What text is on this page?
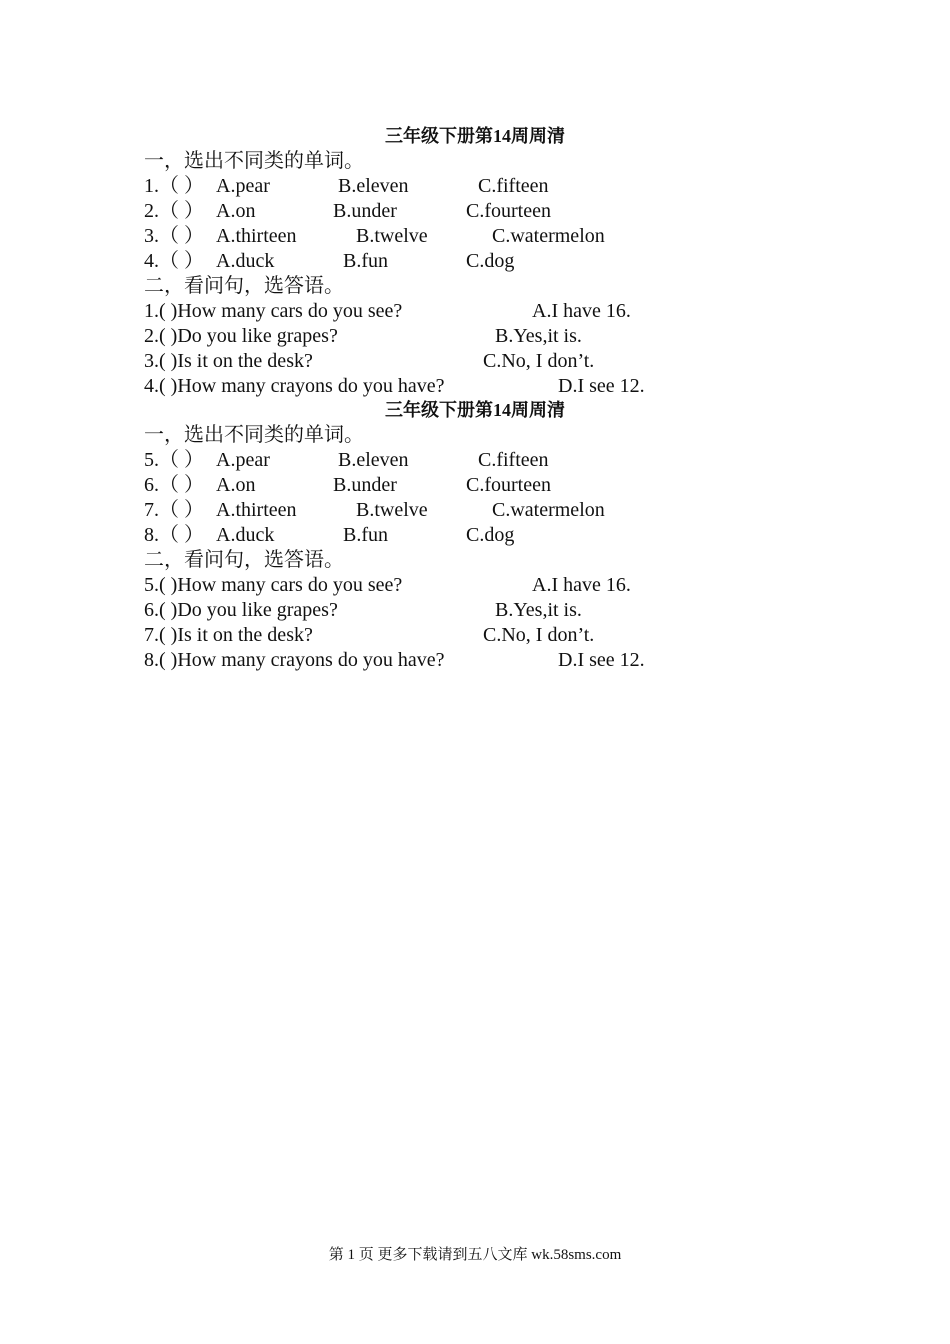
三年级下册第14周周清
一，选出不同类的单词。
1.（ ） A.pear	B.eleven	C.fifteen
2.（ ） A.on	B.under	C.fourteen
3.（ ） A.thirteen	B.twelve	C.watermelon
4.（ ） A.duck	B.fun	C.dog
二，看问句，选答语。
1.( )How many cars do you see?	A.I have 16.
2.( )Do you like grapes?	B.Yes,it is.
3.( )Is it on the desk?	C.No, I don’t.
4.( )How many crayons do you have?	D.I see 12.
三年级下册第14周周清
一，选出不同类的单词。
5.（ ） A.pear	B.eleven	C.fifteen
6.（ ） A.on	B.under	C.fourteen
7.（ ） A.thirteen	B.twelve	C.watermelon
8.（ ） A.duck	B.fun	C.dog
二，看问句，选答语。
5.( )How many cars do you see?	A.I have 16.
6.( )Do you like grapes?	B.Yes,it is.
7.( )Is it on the desk?	C.No, I don’t.
8.( )How many crayons do you have?	D.I see 12.
第 1 页 更多下载请到五八文库 wk.58sms.com
